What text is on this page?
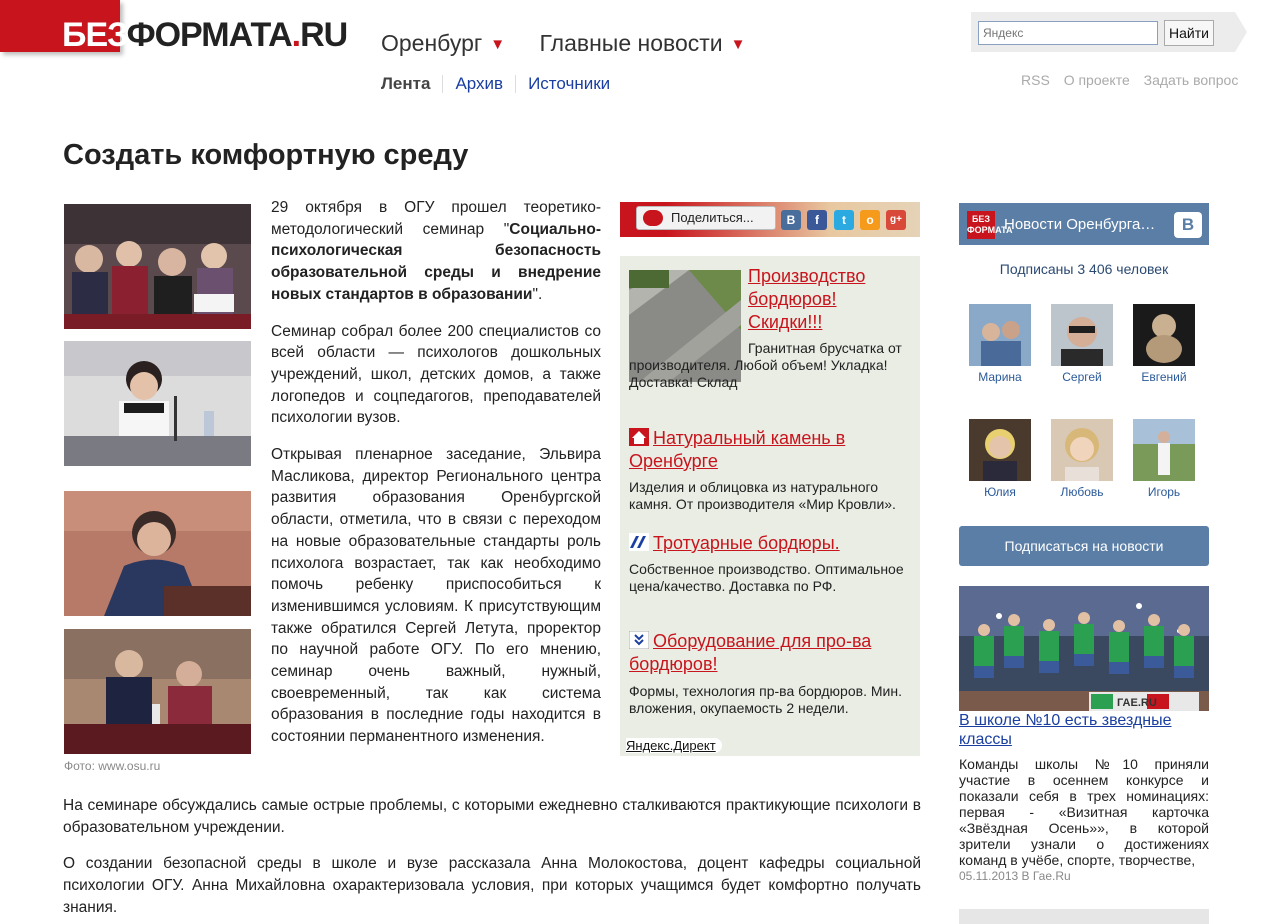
БЕЗФОРМАТА.RU Оренбург ▼ Главные новости ▼
Лента Архив Источники
Яндекс
Найти
RSS О проекте Задать вопрос
Создать комфортную среду
Фото: www.osu.ru

29 октября в ОГУ прошел теоретико-методологический семинар "Социально-психологическая безопасность образовательной среды и внедрение новых стандартов в образовании".

Семинар собрал более 200 специалистов со всей области — психологов дошкольных учреждений, школ, детских домов, а также логопедов и соцпедагогов, преподавателей психологии вузов.

Открывая пленарное заседание, Эльвира Масликова, директор Регионального центра развития образования Оренбургской области, отметила, что в связи с переходом на новые образовательные стандарты роль психолога возрастает, так как необходимо помочь ребенку приспособиться к изменившимся условиям. К присутствующим также обратился Сергей Летута, проректор по научной работе ОГУ. По его мнению, семинар очень важный, нужный, своевременный, так как система образования в последние годы находится в состоянии перманентного изменения.

На семинаре обсуждались самые острые проблемы, с которыми ежедневно сталкиваются практикующие психологи в образовательном учреждении.

О создании безопасной среды в школе и вузе рассказала Анна Молокостова, доцент кафедры социальной психологии ОГУ. Анна Михайловна охарактеризовала условия, при которых учащимся будет комфортно получать знания.

Поделиться...	В	f	t	о	g+
Производство бордюров! Скидки!!!
Гранитная брусчатка от производителя. Любой объем! Укладка! Доставка! Склад
Натуральный камень в Оренбурге
Изделия и облицовка из натурального камня. От производителя «Мир Кровли».
Тротуарные бордюры.
Собственное производство. Оптимальное цена/качество. Доставка по РФ.
Оборудование для про-ва бордюров!
Формы, технология пр-ва бордюров. Мин. вложения, окупаемость 2 недели.
Яндекс.Директ
БЕЗ ФОРМАТА
Новости Оренбурга…	В
Подписаны 3 406 человек
Марина	Сергей	Евгений
Юлия	Любовь	Игорь
Подписаться на новости
ГАЕ.RU
В школе №10 есть звездные классы
Команды школы №10 приняли участие в осеннем конкурсе и показали себя в трех номинациях: первая - «Визитная карточка «Звёздная Осень»», в которой зрители узнали о достижениях команд в учёбе, спорте, творчестве,
05.11.2013 В Гае.Ru
